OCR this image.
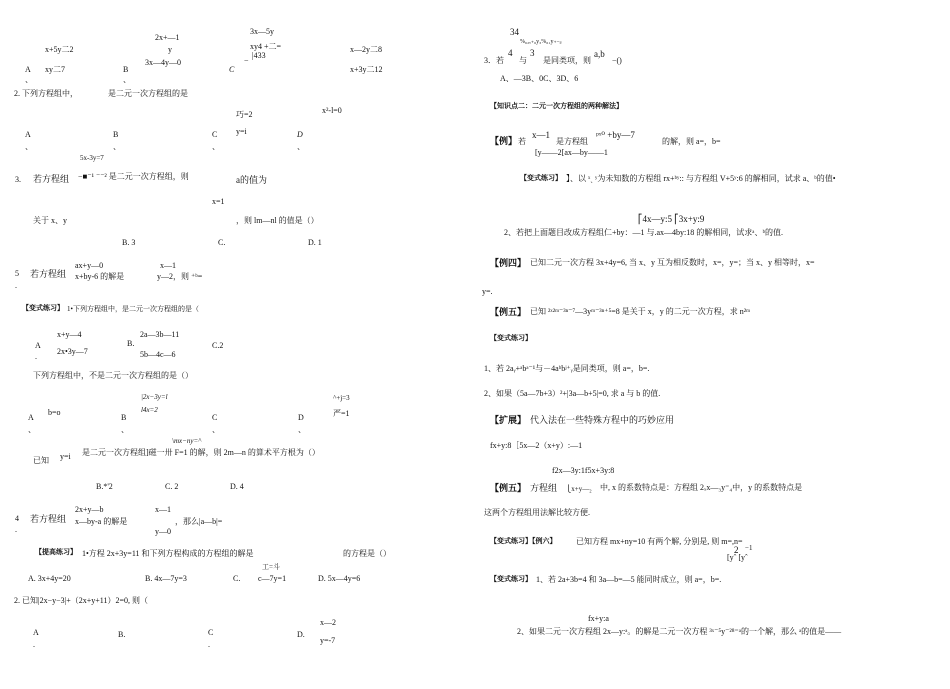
x+5y二2
xy二7
A
、
2x+—1
y
3x—4y—0
B
、
3x—5y
xy4 +二=
|433
−
C
x—2y二8
x+3y二12
2. 下列方程组中，	是二元一次方程组的是
巧=2	x²-l=0
y=i
A
、
B
、
C
、
D
、
5x-3y=7
3. 若方程组 −■⁻¹ ⁻⁻² 是二元一次方程组，则	a的值为
x=1
关于 x、y	，则 lm—nl 的值是（）
B. 3	C.	D. 1
ax+y—0	x—1
5 若方程组 x+by-6 的解是	y—2，则 ⁺ᵇ=
.
【变式练习】 1•下列方程组中，是二元一次方程组的是（
x+y—4
A
2x•3y—7
.
B.
2a—3b—11
5b—4c—6
C.2
下列方程组中，不是二元一次方程组的是（）
|2x−3y=l	^+j=3
b=o	l4x=2	严=1
A	B	C	D
、	、	、	、
\mx−ny=^
y=i 是二元一次方程组]磁一卅 F=1 的解，则 2m—n 的算术平方根为（）
已知
B.*'2	C. 2	D. 4
2x+y—b	x—1
4 若方程组 x—by-a 的解是	，那么|a—b|=
.	y—0
【提高练习】 1•方程 2x+3y=11 和下列方程构成的方程组的解是	的方程是（）
工=斗
A. 3x+4y=20	B. 4x—7y=3	C. c—7y=1	D. 5x—4y=6
2. 已知|2x−y−3|+（2x+y+11）2=0, 则（
x—2
A	B.	C	D.
.	.	y=-7
34
%₆₂ₓ₊₆y₃%₆₁y₊₋ᵦ
3．若
4
与
3
是同类项，则
a,b
−()
A、—3B、0C、3D、6
【知识点二：二元一次方程组的两种解法】
【例】 若
x—1
是方程组
ᵖˣ⁰ +by—7
的解，则 a=，b=
[y——2[ax—by——1
【变式练习】 】、以 ˣˏ ʸ为未知数的方程组 rx+ᵇʸ:: 与方程组 V+5ʸ:6 的解相同，试求 a、ᵇ的值•
⎡4x—y:5 ⎡3x+y:9
2、若把上面题目改成方程组仁+by：—1 与.ax—4by:18 的解相同，试求ᵃ、ᵇ的值.
【例四】 已知二元一次方程 3x+4y=6, 当 x、y 互为相反数时，x=，y=；当 x、y 相等时，x=
y=.
【例五】 已知 ²ˣ²ᵐ⁻³ⁿ⁻⁷—3yᵐ⁻³ⁿ⁺⁵=8 是关于 x，y 的二元一次方程，求 n²ᵐ
【变式练习】
1、若 2aᵧ+ᵃbᵃ⁻¹与－4aᵇbʲ⁺ᵧ是同类项，则 a=，b=.
2、如果（5a—7b+3）²+|3a—b+5|=0, 求 a 与 b 的值.
【扩展】 代入法在一些特殊方程中的巧妙应用
fx+y:8［5x—2（x+y）:—1
f2x—3y:1f5x+3y:8
【例五】 方程组 ⎩x+y—₂ 中, x 的系数特点是：方程组 2ₓx—₃y⁼₄中，y 的系数特点是
这两个方程组用法解比较方便.
【变式练习】【例六】 已知方程 mx+ny=10 有两个解, 分别是, 则 m=,n=
2 −1
[yˆ [yˆ
【变式练习】 1、若 2a+3b=4 和 3a—b=—5 能同时成立，则 a=，b=.
fx+y:a
2、如果二元一次方程组 2x—y:ᵃ。的解是二元一次方程 ³ˣ⁻⁵y⁻²⁸⁼ᵃ的一个解，那么 ᵃ的值是——
